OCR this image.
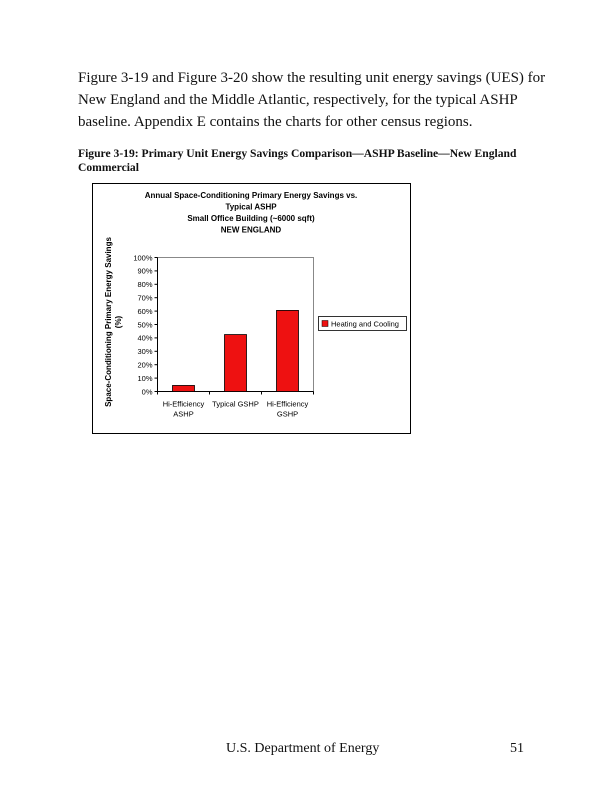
Figure 3-19 and Figure 3-20 show the resulting unit energy savings (UES) for
New England and the Middle Atlantic, respectively, for the typical ASHP
baseline. Appendix E contains the charts for other census regions.
Figure 3-19: Primary Unit Energy Savings Comparison—ASHP Baseline—New England
Commercial
Annual Space-Conditioning Primary Energy Savings vs.
Typical ASHP
Small Office Building (~6000 sqft)
NEW ENGLAND
Space-Conditioning Primary Energy Savings (%)
0%
10%
20%
30%
40%
50%
60%
70%
80%
90%
100%
Hi-Efficiency
ASHP
Typical GSHP Hi-Efficiency
GSHP
Heating and Cooling
U.S. Department of Energy	51
